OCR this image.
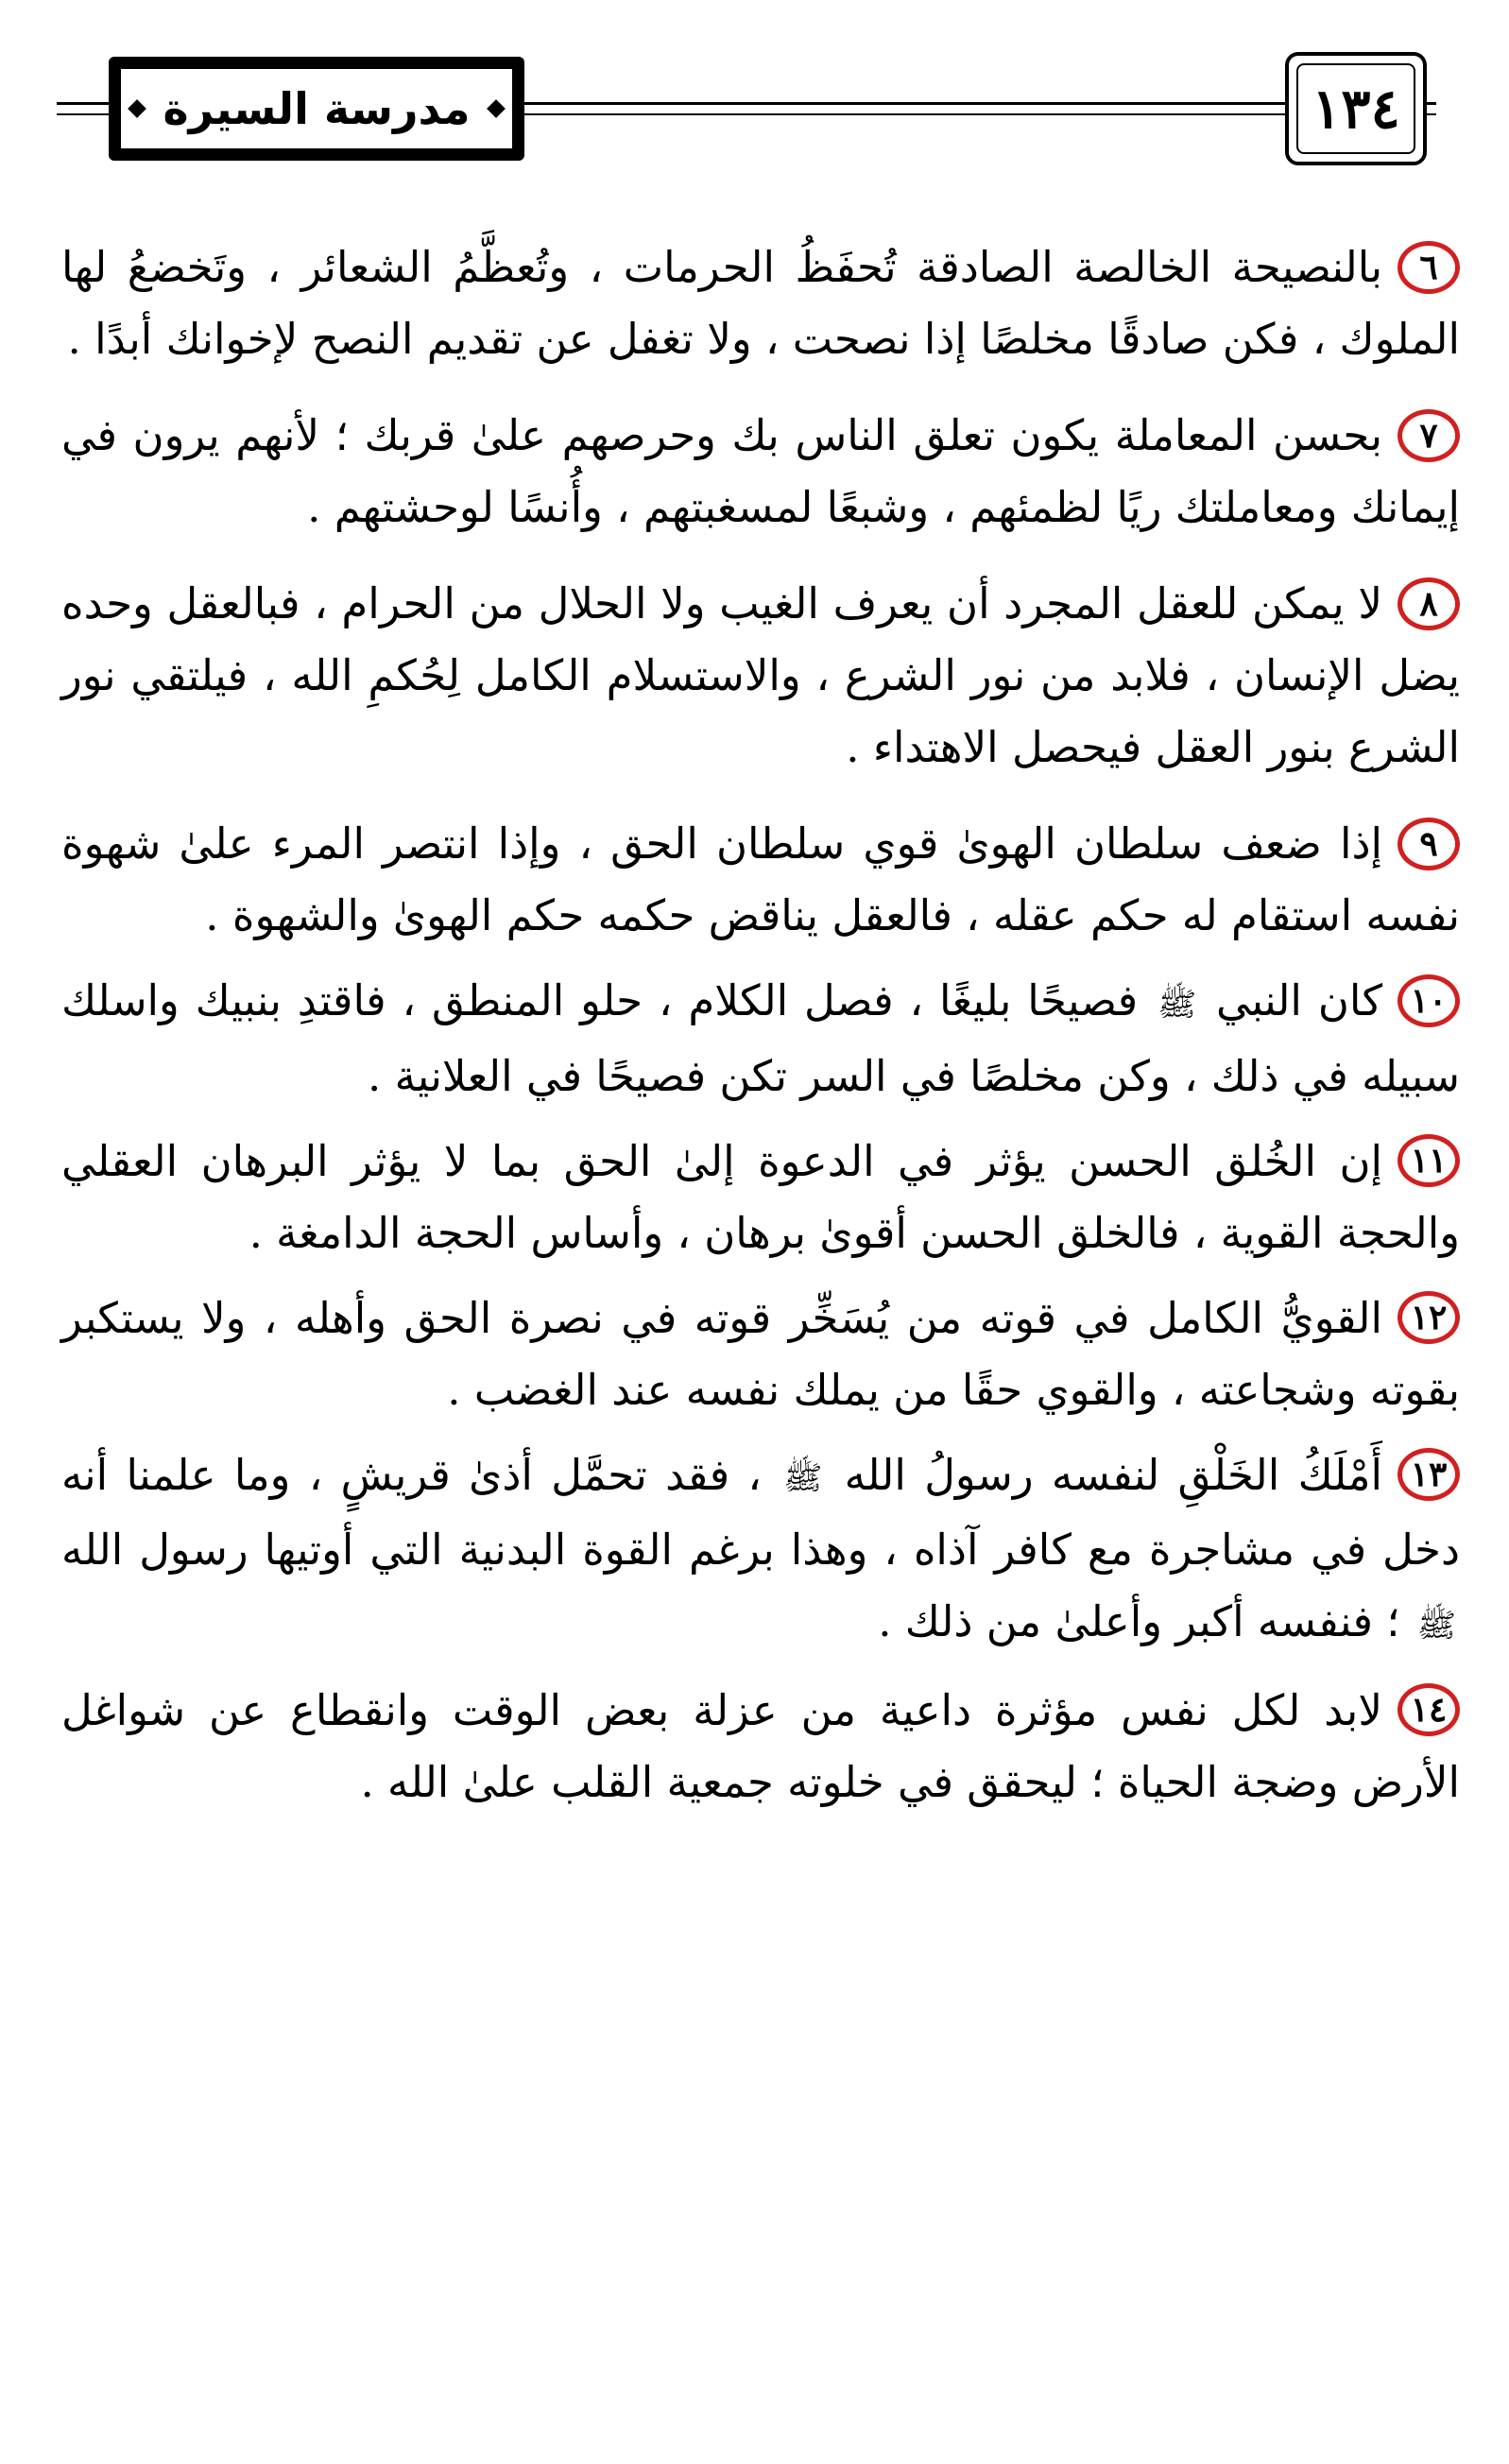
مدرسة السيرة	١٣٤

٦بالنصيحة الخالصة الصادقة تُحفَظُ الحرمات ، وتُعظَّمُ الشعائر ، وتَخضعُ لها الملوك ، فكن صادقًا مخلصًا إذا نصحت ، ولا تغفل عن تقديم النصح لإخوانك أبدًا .

٧بحسن المعاملة يكون تعلق الناس بك وحرصهم علىٰ قربك ؛ لأنهم يرون في إيمانك ومعاملتك ريًا لظمئهم ، وشبعًا لمسغبتهم ، وأُنسًا لوحشتهم .

٨لا يمكن للعقل المجرد أن يعرف الغيب ولا الحلال من الحرام ، فبالعقل وحده يضل الإنسان ، فلابد من نور الشرع ، والاستسلام الكامل لِحُكمِ الله ، فيلتقي نور الشرع بنور العقل فيحصل الاهتداء .

٩إذا ضعف سلطان الهوىٰ قوي سلطان الحق ، وإذا انتصر المرء علىٰ شهوة نفسه استقام له حكم عقله ، فالعقل يناقض حكمه حكم الهوىٰ والشهوة .

١٠كان النبي ﷺ فصيحًا بليغًا ، فصل الكلام ، حلو المنطق ، فاقتدِ بنبيك واسلك سبيله في ذلك ، وكن مخلصًا في السر تكن فصيحًا في العلانية .

١١إن الخُلق الحسن يؤثر في الدعوة إلىٰ الحق بما لا يؤثر البرهان العقلي والحجة القوية ، فالخلق الحسن أقوىٰ برهان ، وأساس الحجة الدامغة .

١٢القويُّ الكامل في قوته من يُسَخِّر قوته في نصرة الحق وأهله ، ولا يستكبر بقوته وشجاعته ، والقوي حقًا من يملك نفسه عند الغضب .

١٣أَمْلَكُ الخَلْقِ لنفسه رسولُ الله ﷺ ، فقد تحمَّل أذىٰ قريشٍ ، وما علمنا أنه دخل في مشاجرة مع كافر آذاه ، وهذا برغم القوة البدنية التي أوتيها رسول الله ﷺ ؛ فنفسه أكبر وأعلىٰ من ذلك .

١٤لابد لكل نفس مؤثرة داعية من عزلة بعض الوقت وانقطاع عن شواغل الأرض وضجة الحياة ؛ ليحقق في خلوته جمعية القلب علىٰ الله .
